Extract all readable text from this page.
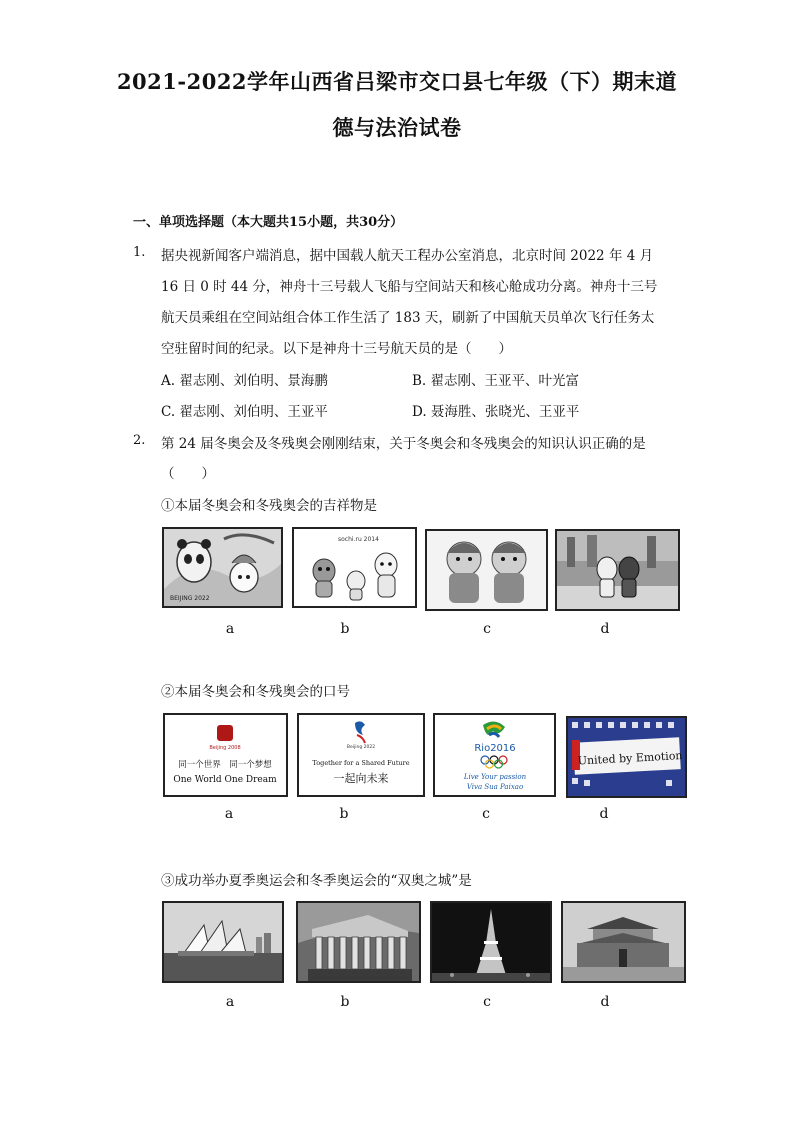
2021-2022学年山西省吕梁市交口县七年级（下）期末道
德与法治试卷
一、单项选择题（本大题共15小题，共30分）
1. 据央视新闻客户端消息，据中国载人航天工程办公室消息，北京时间 2022 年 4 月
16 日 0 时 44 分，神舟十三号载人飞船与空间站天和核心舱成功分离。神舟十三号
航天员乘组在空间站组合体工作生活了 183 天，刷新了中国航天员单次飞行任务太
空驻留时间的纪录。以下是神舟十三号航天员的是（　　）
A. 翟志刚、刘伯明、景海鹏	B. 翟志刚、王亚平、叶光富
C. 翟志刚、刘伯明、王亚平	D. 聂海胜、张晓光、王亚平
2. 第 24 届冬奥会及冬残奥会刚刚结束，关于冬奥会和冬残奥会的知识认识正确的是
（　　）
①本届冬奥会和冬残奥会的吉祥物是
BEIJING 2022
sochi.ru 2014
a	b	c	d
②本届冬奥会和冬残奥会的口号
Beijing 2008
同一个世界　同一个梦想
One World One Dream
Beijing 2022
Together for a Shared Future
一起向未来
Rio2016
Live Your passion
Viva Sua Paixao
United by Emotion
a	b	c	d
③成功举办夏季奥运会和冬季奥运会的“双奥之城”是
a	b	c	d
